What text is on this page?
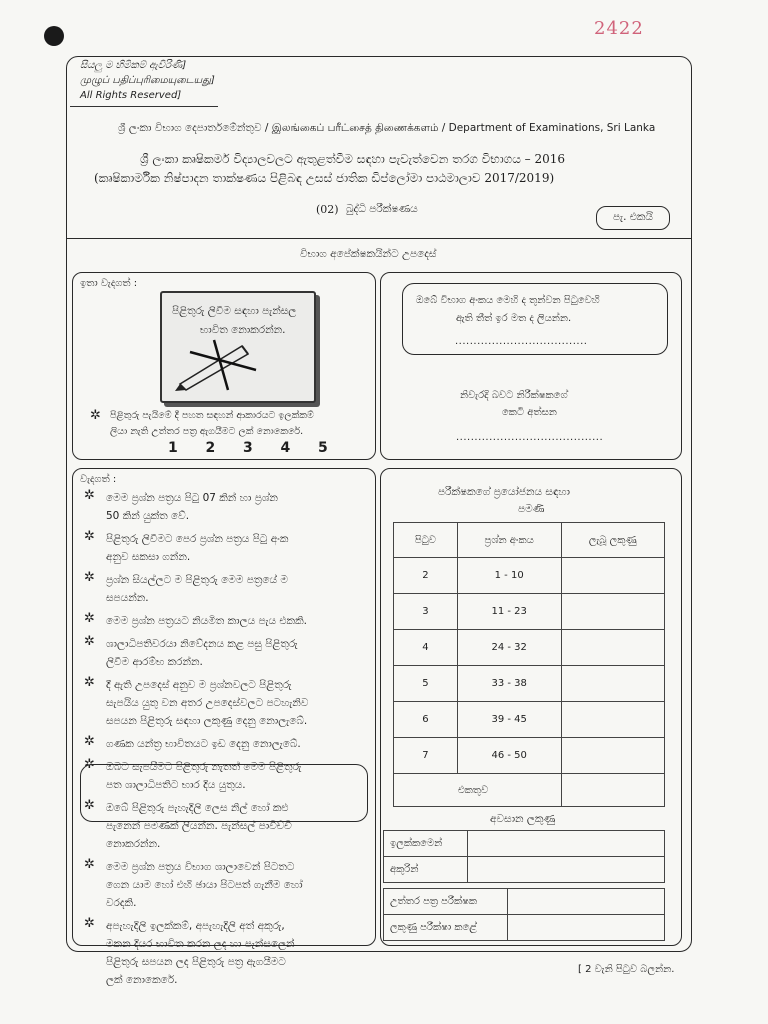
2422
සියලු ම හිමිකම් ඇවිරිණි]
முழுப் பதிப்புரிமையுடையது]
All Rights Reserved]
ශ්‍රී ලංකා විභාග දෙපාර්තමේන්තුව / இலங்கைப் பரீட்சைத் திணைக்களம் / Department of Examinations, Sri Lanka
ශ්‍රී ලංකා කෘෂිකර්ම විද්‍යාලවලට ඇතුළත්වීම සඳහා පැවැත්වෙන තරග විභාගය – 2016
(කෘෂිකාර්මික නිෂ්පාදන තාක්ෂණය පිළිබඳ උසස් ජාතික ඩිප්ලෝමා පාඨමාලාව 2017/2019)
(02) බුද්ධි පරීක්ෂණය
පැ. එකයි
විභාග අපේක්ෂකයින්ට උපදෙස්
ඉතා වැදගත් :
පිළිතුරු ලිවීම සඳහා පැන්සල
භාවිත නොකරන්න.
✲ පිළිතුරු පැයිමේ දී පහත සඳහන් ආකාරයට ඉලක්කම්
ලියා නැති උත්තර පත්‍ර ඇගයීමට ලක් නොකෙරේ.
1  2  3  4  5
ඔබේ විභාග අංකය මෙහි ද තුන්වන පිටුවෙහි
ඇති තීත් ඉර මත ද ලියන්න.
....................................
නිවැරදි බවට නිරීක්ෂකගේ
කෙටි අත්සන
........................................
වැදගත් :
✲ මෙම ප්‍රශ්න පත්‍රය පිටු 07 කින් හා ප්‍රශ්න
50 කින් යුක්ත වේ.
✲ පිළිතුරු ලිවීමට පෙර ප්‍රශ්න පත්‍රය පිටු අංක
අනුව සකසා ගන්න.
✲ ප්‍රශ්න සියල්ලට ම පිළිතුරු මෙම පත්‍රයේ ම
සපයන්න.
✲ මෙම ප්‍රශ්න පත්‍රයට නියමිත කාලය පැය එකකි.
✲ ශාලාධිපතිවරයා නිවේදනය කළ පසු පිළිතුරු
ලිවීම ආරම්භ කරන්න.
✲ දී ඇති උපදෙස් අනුව ම ප්‍රශ්නවලට පිළිතුරු
සැපයිය යුතු වන අතර උපදෙස්වලට පටහැනිව
සපයන පිළිතුරු සඳහා ලකුණු දෙනු නොලැබේ.
✲ ගණක යන්ත්‍ර භාවිතයට ඉඩ දෙනු නොලැබේ.
✲ ඔබට සැපයීමට පිළිතුරු නැතත් මෙම පිළිතුරු
පත ශාලාධිපතිට භාර දිය යුතුය.
✲ ඔබේ පිළිතුරු පැහැදිලි ලෙස නිල් හෝ කළු
පැනෙන් පමණක් ලියන්න. පැන්සල් පාවිච්චි
නොකරන්න.
✲ මෙම ප්‍රශ්න පත්‍රය විභාග ශාලාවෙන් පිටතට
ගෙන යාම හෝ එහි ඡායා පිටපත් ගැනීම හෝ
වරදකි.
✲ අපැහැදිලි ඉලක්කම්, අපැහැදිලි අත් අකුරු,
මකන දියර භාවිත කරන ලද හා පැන්සලෙන්
පිළිතුරු සපයන ලද පිළිතුරු පත්‍ර ඇගයීමට
ලක් නොකෙරේ.
පරීක්ෂකගේ ප්‍රයෝජනය සඳහා
පමණි
පිටුව	ප්‍රශ්න අංකය	ලැබූ ලකුණු
2	1 - 10	
3	11 - 23	
4	24 - 32	
5	33 - 38	
6	39 - 45	
7	46 - 50	
එකතුව		
අවසාන ලකුණු
ඉලක්කමෙන්	
අකුරින්	
උත්තර පත්‍ර පරීක්ෂක	
ලකුණු පරීක්ෂා කළේ	
[ 2 වැනි පිටුව බලන්න.
